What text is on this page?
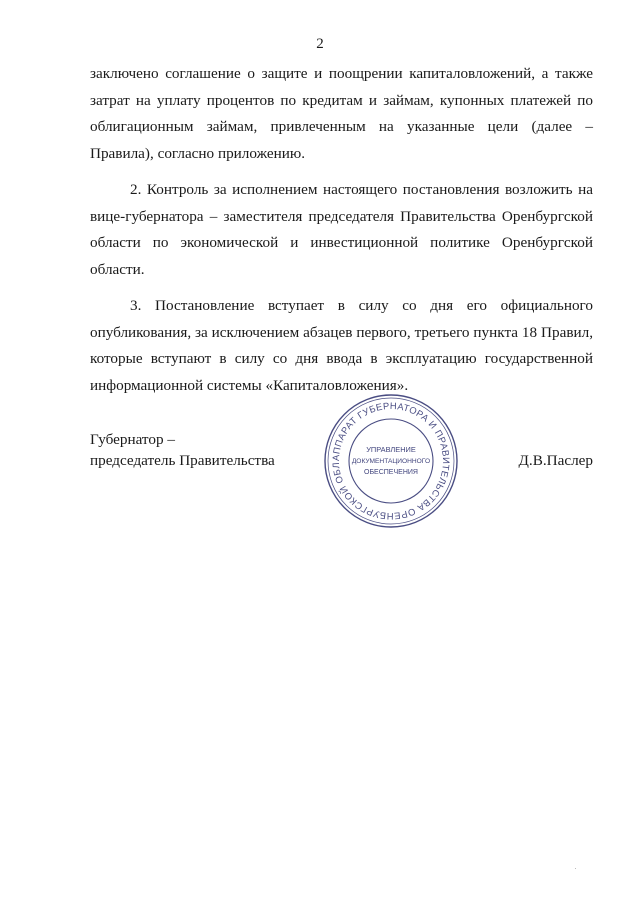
2

заключено соглашение о защите и поощрении капиталовложений, а также затрат на уплату процентов по кредитам и займам, купонных платежей по облигационным займам, привлеченным на указанные цели (далее – Правила), согласно приложению.

2. Контроль за исполнением настоящего постановления возложить на вице-губернатора – заместителя председателя Правительства Оренбургской области по экономической и инвестиционной политике Оренбургской области.

3. Постановление вступает в силу со дня его официального опубликования, за исключением абзацев первого, третьего пункта 18 Правил, которые вступают в силу со дня ввода в эксплуатацию государственной информационной системы «Капиталовложения».

Губернатор –
председатель Правительства	АППАРАТ ГУБЕРНАТОРА И ПРАВИТЕЛЬСТВА ОРЕНБУРГСКОЙ ОБЛ
УПРАВЛЕНИЕ
ДОКУМЕНТАЦИОННОГО
ОБЕСПЕЧЕНИЯ
Д.В.Паслер
